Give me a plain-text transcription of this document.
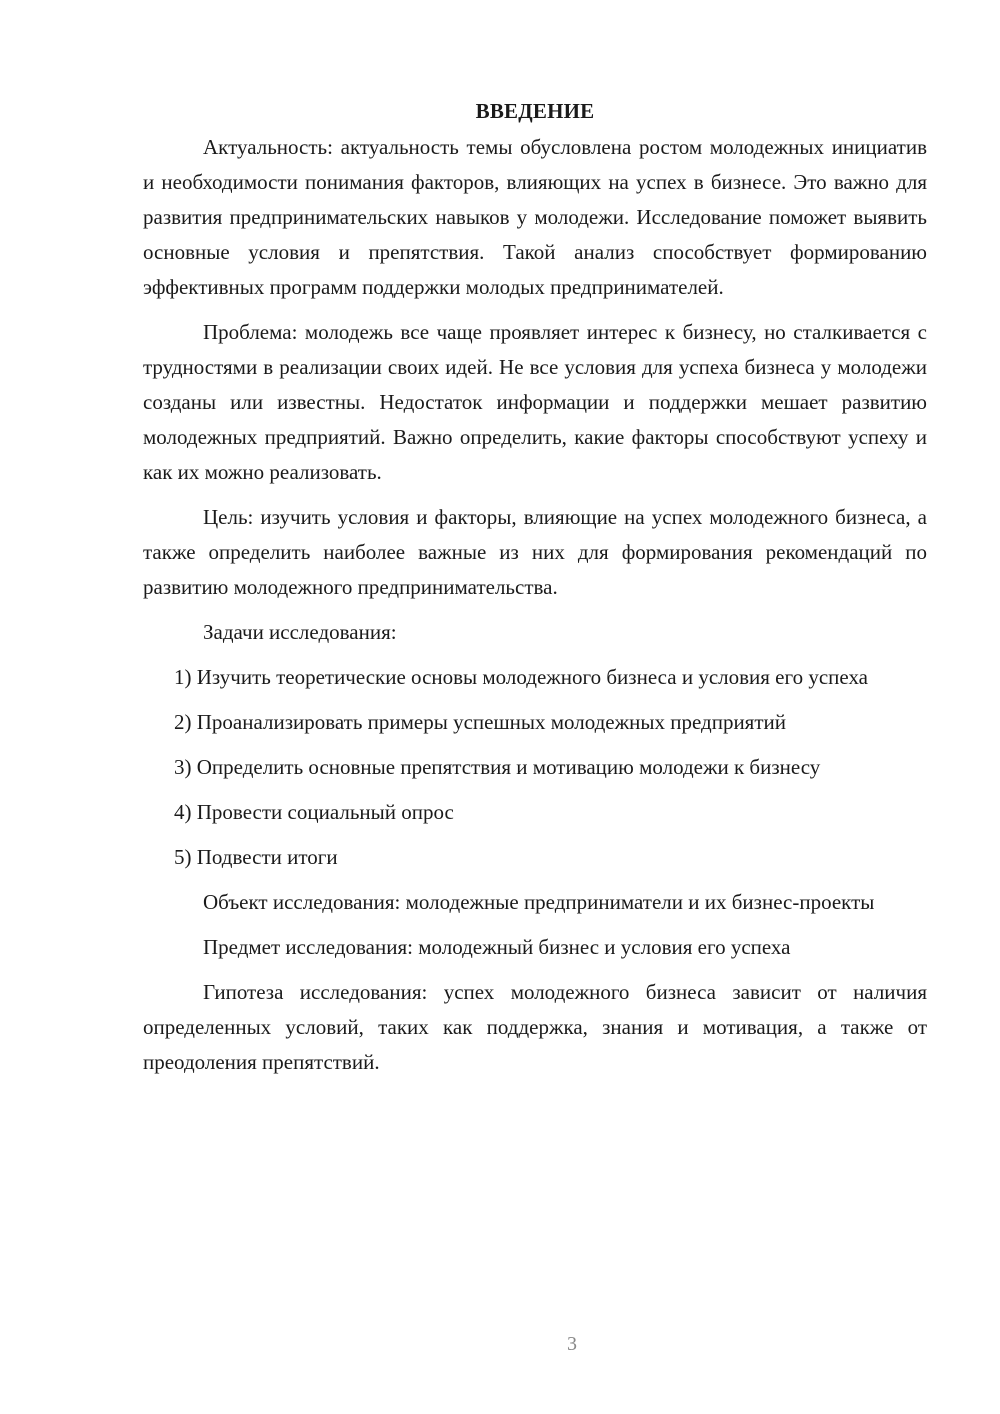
ВВЕДЕНИЕ

Актуальность: актуальность темы обусловлена ростом молодежных инициатив и необходимости понимания факторов, влияющих на успех в бизнесе. Это важно для развития предпринимательских навыков у молодежи. Исследование поможет выявить основные условия и препятствия. Такой анализ способствует формированию эффективных программ поддержки молодых предпринимателей.

Проблема: молодежь все чаще проявляет интерес к бизнесу, но сталкивается с трудностями в реализации своих идей. Не все условия для успеха бизнеса у молодежи созданы или известны. Недостаток информации и поддержки мешает развитию молодежных предприятий. Важно определить, какие факторы способствуют успеху и как их можно реализовать.

Цель: изучить условия и факторы, влияющие на успех молодежного бизнеса, а также определить наиболее важные из них для формирования рекомендаций по развитию молодежного предпринимательства.

Задачи исследования:

1) Изучить теоретические основы молодежного бизнеса и условия его успеха

2) Проанализировать примеры успешных молодежных предприятий

3) Определить основные препятствия и мотивацию молодежи к бизнесу

4) Провести социальный опрос

5) Подвести итоги

Объект исследования: молодежные предприниматели и их бизнес-проекты

Предмет исследования: молодежный бизнес и условия его успеха

Гипотеза исследования: успех молодежного бизнеса зависит от наличия определенных условий, таких как поддержка, знания и мотивация, а также от преодоления препятствий.

3
